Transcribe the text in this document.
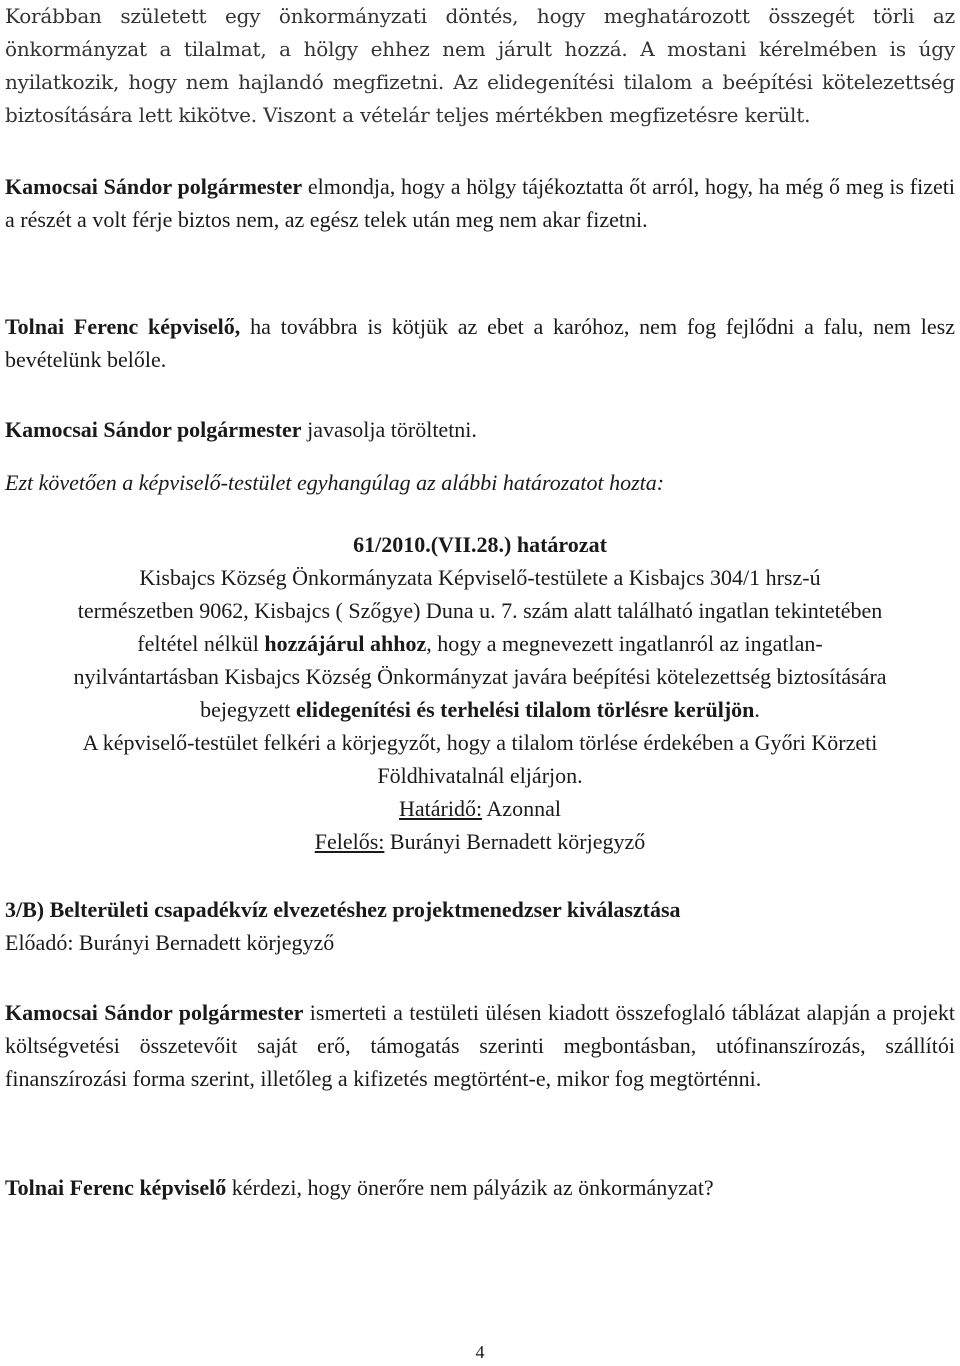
Korábban született egy önkormányzati döntés, hogy meghatározott összegét törli az

önkormányzat a tilalmat, a hölgy ehhez nem járult hozzá. A mostani kérelmében is úgy

nyilatkozik, hogy nem hajlandó megfizetni. Az elidegenítési tilalom a beépítési kötelezettség

biztosítására lett kikötve. Viszont a vételár teljes mértékben megfizetésre került.

Kamocsai Sándor polgármester elmondja, hogy a hölgy tájékoztatta őt arról, hogy, ha még ő meg is fizeti a részét a volt férje biztos nem, az egész telek után meg nem akar fizetni.

Tolnai Ferenc képviselő, ha továbbra is kötjük az ebet a karóhoz, nem fog fejlődni a falu, nem lesz bevételünk belőle.

Kamocsai Sándor polgármester javasolja töröltetni.

Ezt követően a képviselő-testület egyhangúlag az alábbi határozatot hozta:

61/2010.(VII.28.) határozat

Kisbajcs Község Önkormányzata Képviselő-testülete a Kisbajcs 304/1 hrsz-ú

természetben 9062, Kisbajcs ( Szőgye) Duna u. 7. szám alatt található ingatlan tekintetében

feltétel nélkül hozzájárul ahhoz, hogy a megnevezett ingatlanról az ingatlan-

nyilvántartásban Kisbajcs Község Önkormányzat javára beépítési kötelezettség biztosítására

bejegyzett elidegenítési és terhelési tilalom törlésre kerüljön.

A képviselő-testület felkéri a körjegyzőt, hogy a tilalom törlése érdekében a Győri Körzeti

Földhivatalnál eljárjon.

Határidő: Azonnal

Felelős: Burányi Bernadett körjegyző

3/B) Belterületi csapadékvíz elvezetéshez projektmenedzser kiválasztása

Előadó: Burányi Bernadett körjegyző

Kamocsai Sándor polgármester ismerteti a testületi ülésen kiadott összefoglaló táblázat alapján a projekt költségvetési összetevőit saját erő, támogatás szerinti megbontásban, utófinanszírozás, szállítói finanszírozási forma szerint, illetőleg a kifizetés megtörtént-e, mikor fog megtörténni.

Tolnai Ferenc képviselő kérdezi, hogy önerőre nem pályázik az önkormányzat?

4
